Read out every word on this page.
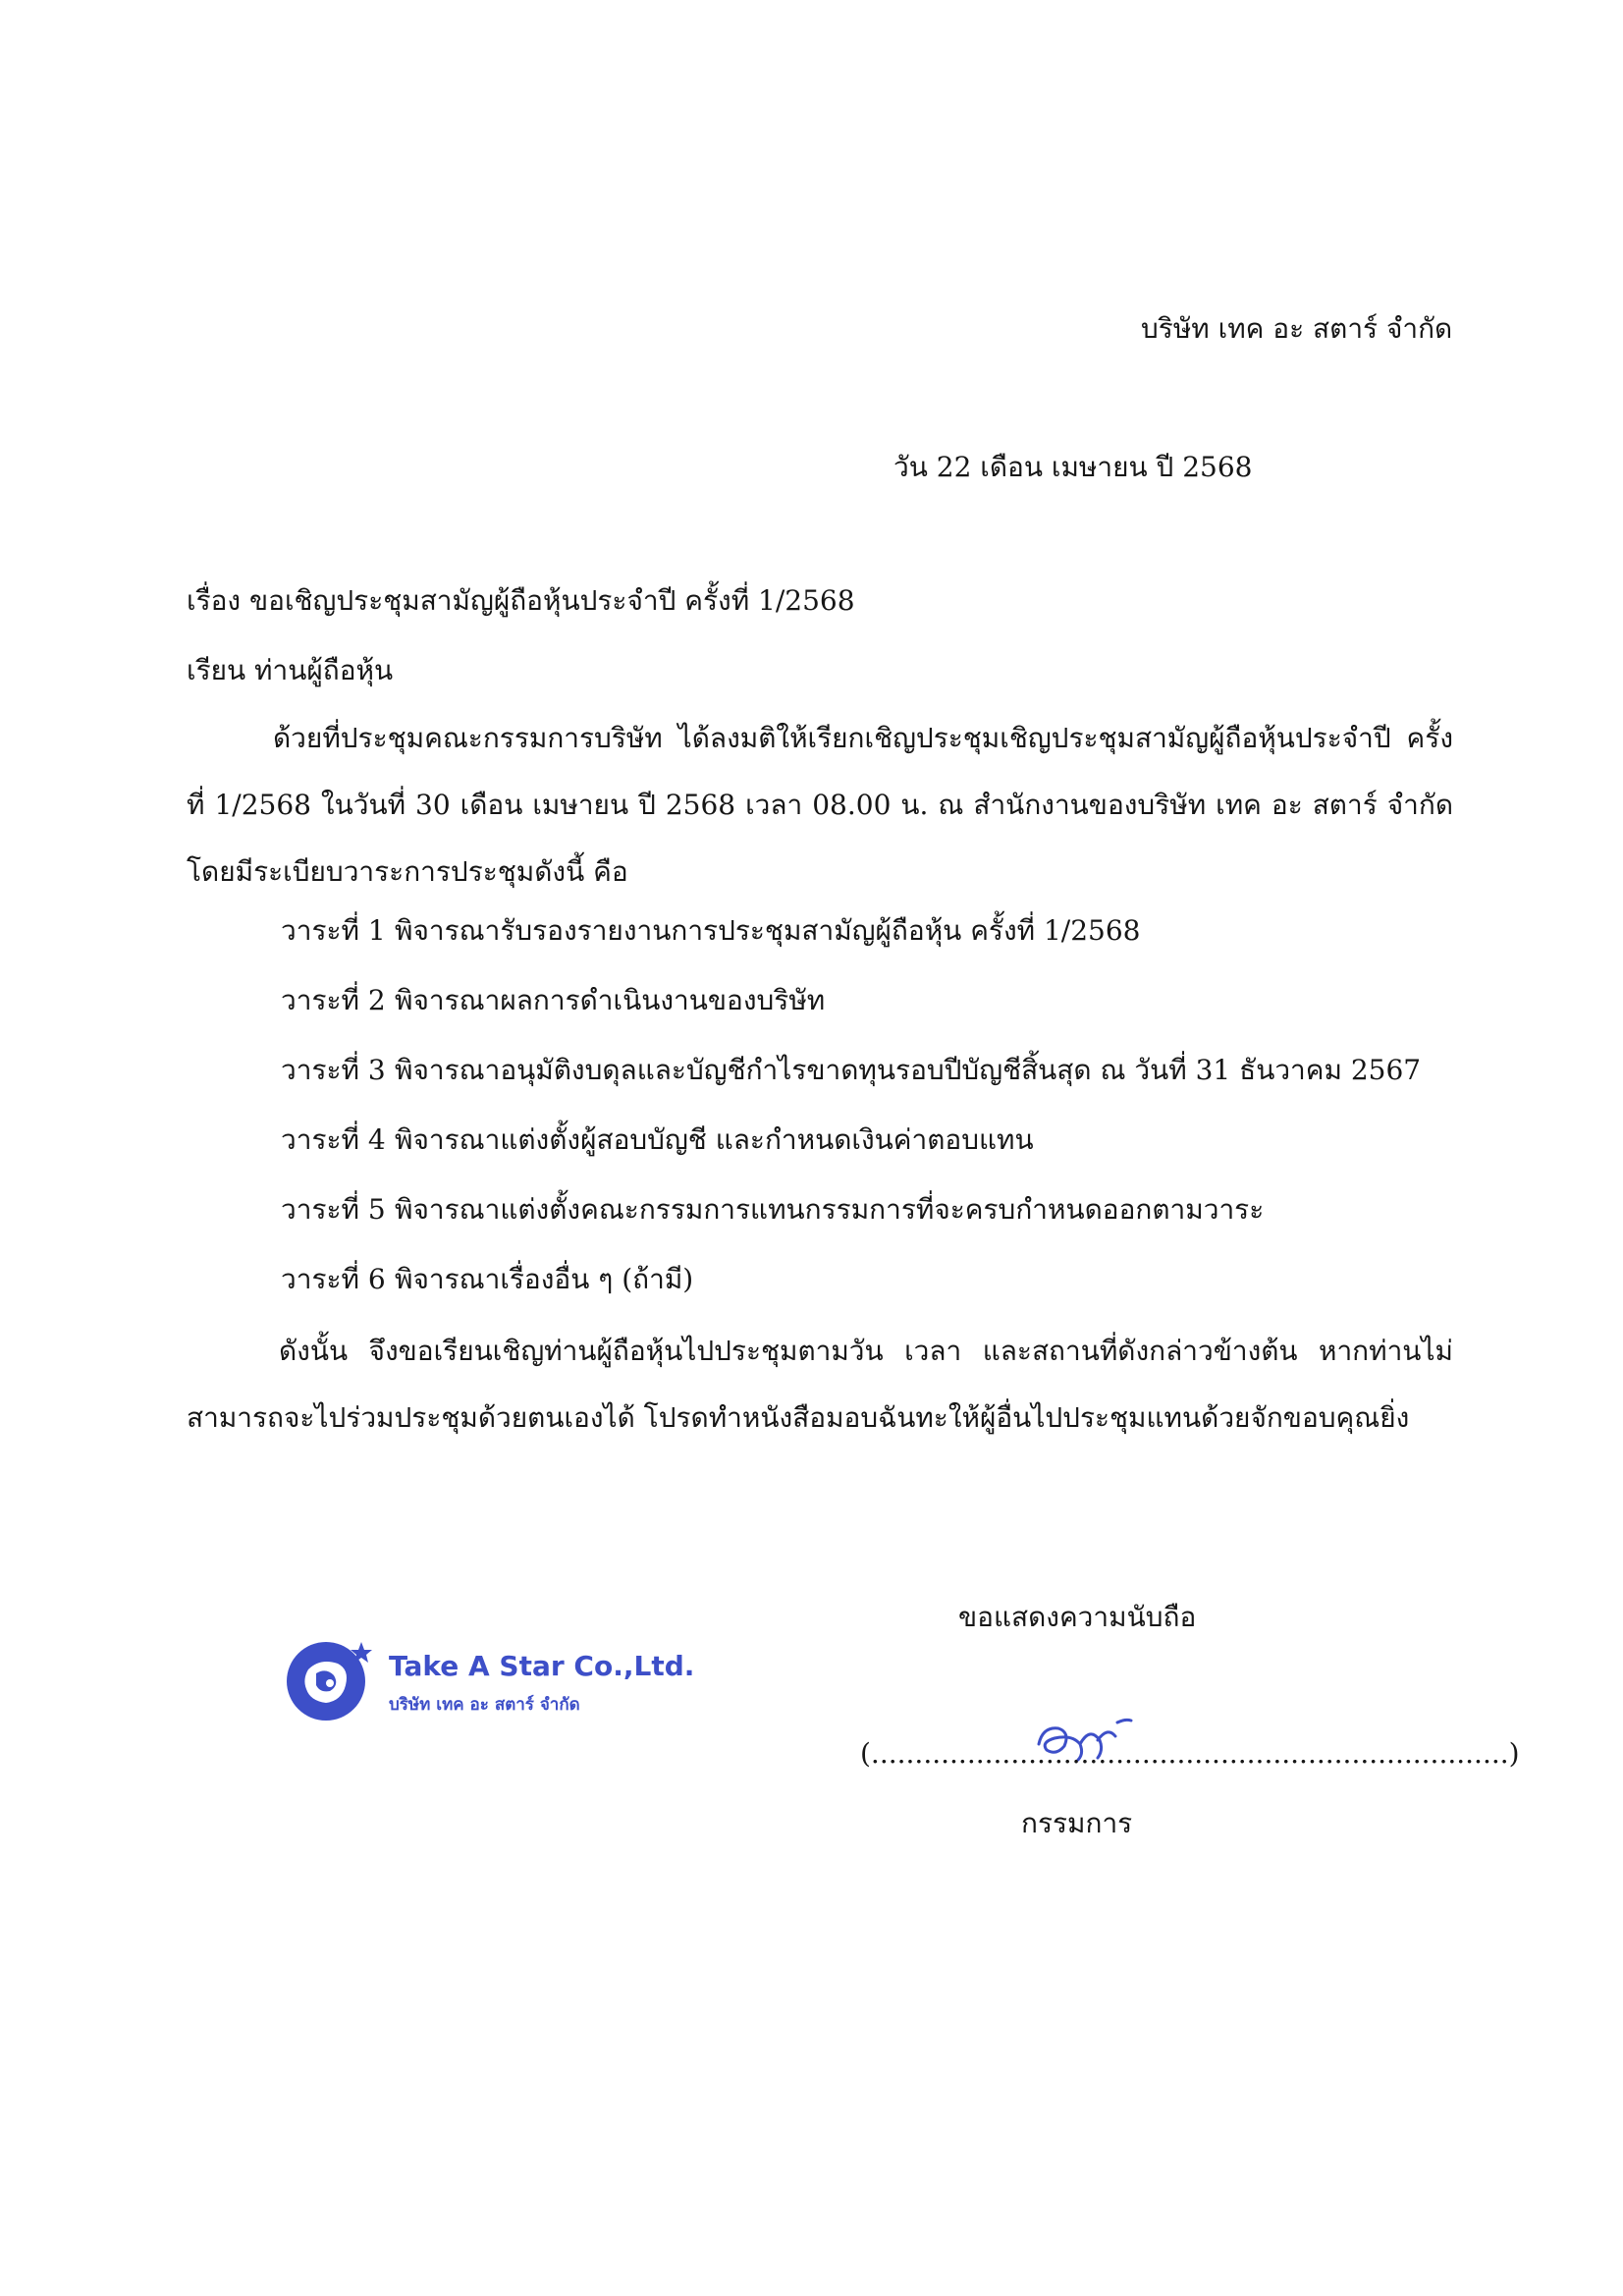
บริษัท เทค อะ สตาร์ จำกัด
วัน 22 เดือน เมษายน ปี 2568
เรื่อง ขอเชิญประชุมสามัญผู้ถือหุ้นประจำปี ครั้งที่ 1/2568
เรียน ท่านผู้ถือหุ้น
ด้วยที่ประชุมคณะกรรมการบริษัท ได้ลงมติให้เรียกเชิญประชุมเชิญประชุมสามัญผู้ถือหุ้นประจำปี ครั้งที่ 1/2568 ในวันที่ 30 เดือน เมษายน ปี 2568 เวลา 08.00 น. ณ สำนักงานของบริษัท เทค อะ สตาร์ จำกัด โดยมีระเบียบวาระการประชุมดังนี้ คือ
วาระที่ 1 พิจารณารับรองรายงานการประชุมสามัญผู้ถือหุ้น ครั้งที่ 1/2568
วาระที่ 2 พิจารณาผลการดำเนินงานของบริษัท
วาระที่ 3 พิจารณาอนุมัติงบดุลและบัญชีกำไรขาดทุนรอบปีบัญชีสิ้นสุด ณ วันที่ 31 ธันวาคม 2567
วาระที่ 4 พิจารณาแต่งตั้งผู้สอบบัญชี และกำหนดเงินค่าตอบแทน
วาระที่ 5 พิจารณาแต่งตั้งคณะกรรมการแทนกรรมการที่จะครบกำหนดออกตามวาระ
วาระที่ 6 พิจารณาเรื่องอื่น ๆ (ถ้ามี)
ดังนั้น จึงขอเรียนเชิญท่านผู้ถือหุ้นไปประชุมตามวัน เวลา และสถานที่ดังกล่าวข้างต้น หากท่านไม่สามารถจะไปร่วมประชุมด้วยตนเองได้ โปรดทำหนังสือมอบฉันทะให้ผู้อื่นไปประชุมแทนด้วยจักขอบคุณยิ่ง
ขอแสดงความนับถือ
Take A Star Co.,Ltd.
บริษัท เทค อะ สตาร์ จำกัด
(.........................................................................)
กรรมการ
